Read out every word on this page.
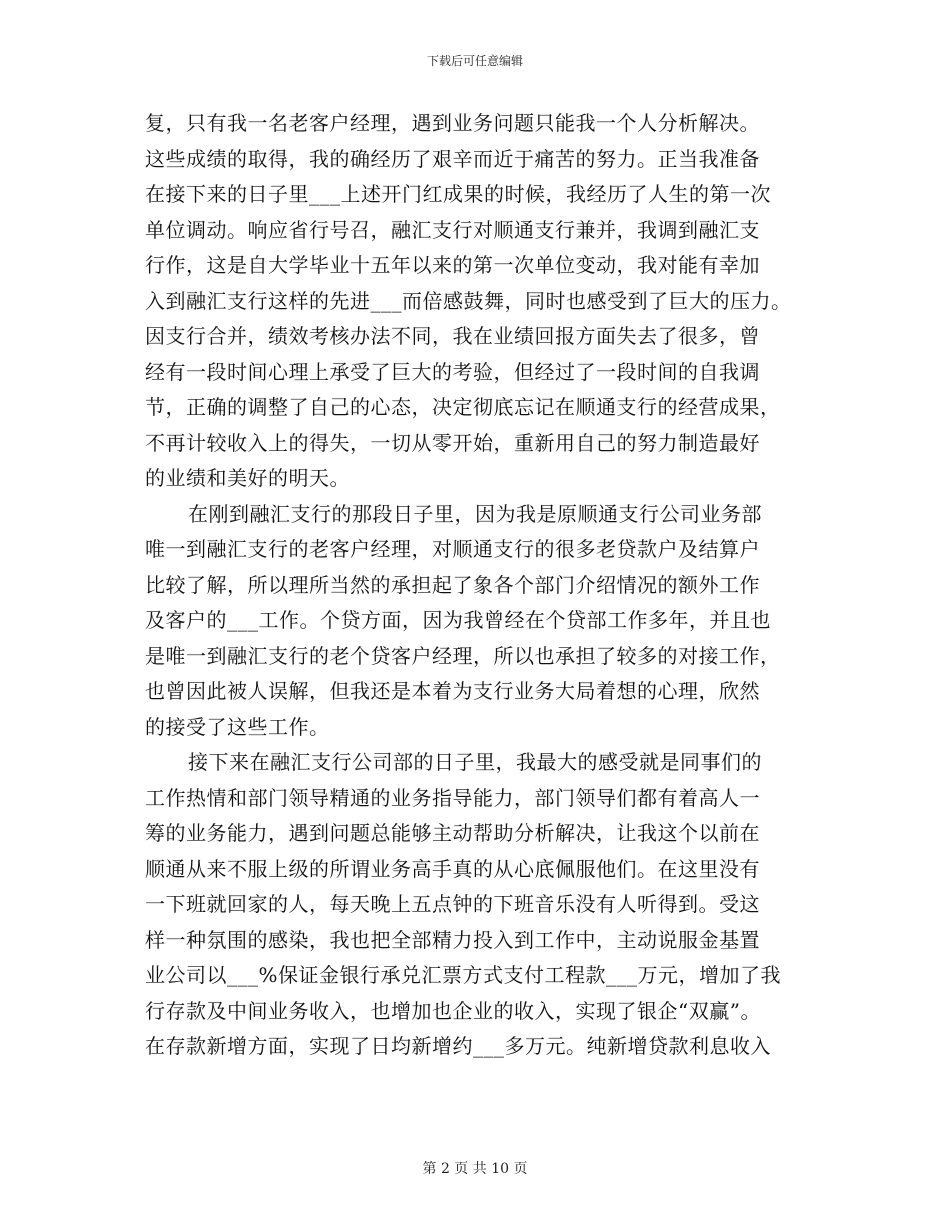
下载后可任意编辑
复，只有我一名老客户经理，遇到业务问题只能我一个人分析解决。
这些成绩的取得，我的确经历了艰辛而近于痛苦的努力。正当我准备
在接下来的日子里___上述开门红成果的时候，我经历了人生的第一次
单位调动。响应省行号召，融汇支行对顺通支行兼并，我调到融汇支
行作，这是自大学毕业十五年以来的第一次单位变动，我对能有幸加
入到融汇支行这样的先进___而倍感鼓舞，同时也感受到了巨大的压力。
因支行合并，绩效考核办法不同，我在业绩回报方面失去了很多，曾
经有一段时间心理上承受了巨大的考验，但经过了一段时间的自我调
节，正确的调整了自己的心态，决定彻底忘记在顺通支行的经营成果，
不再计较收入上的得失，一切从零开始，重新用自己的努力制造最好
的业绩和美好的明天。
在刚到融汇支行的那段日子里，因为我是原顺通支行公司业务部
唯一到融汇支行的老客户经理，对顺通支行的很多老贷款户及结算户
比较了解，所以理所当然的承担起了象各个部门介绍情况的额外工作
及客户的___工作。个贷方面，因为我曾经在个贷部工作多年，并且也
是唯一到融汇支行的老个贷客户经理，所以也承担了较多的对接工作，
也曾因此被人误解，但我还是本着为支行业务大局着想的心理，欣然
的接受了这些工作。
接下来在融汇支行公司部的日子里，我最大的感受就是同事们的
工作热情和部门领导精通的业务指导能力，部门领导们都有着高人一
筹的业务能力，遇到问题总能够主动帮助分析解决，让我这个以前在
顺通从来不服上级的所谓业务高手真的从心底佩服他们。在这里没有
一下班就回家的人，每天晚上五点钟的下班音乐没有人听得到。受这
样一种氛围的感染，我也把全部精力投入到工作中，主动说服金基置
业公司以___%保证金银行承兑汇票方式支付工程款___万元，增加了我
行存款及中间业务收入，也增加也企业的收入，实现了银企“双赢”。
在存款新增方面，实现了日均新增约___多万元。纯新增贷款利息收入
第 2 页 共 10 页
